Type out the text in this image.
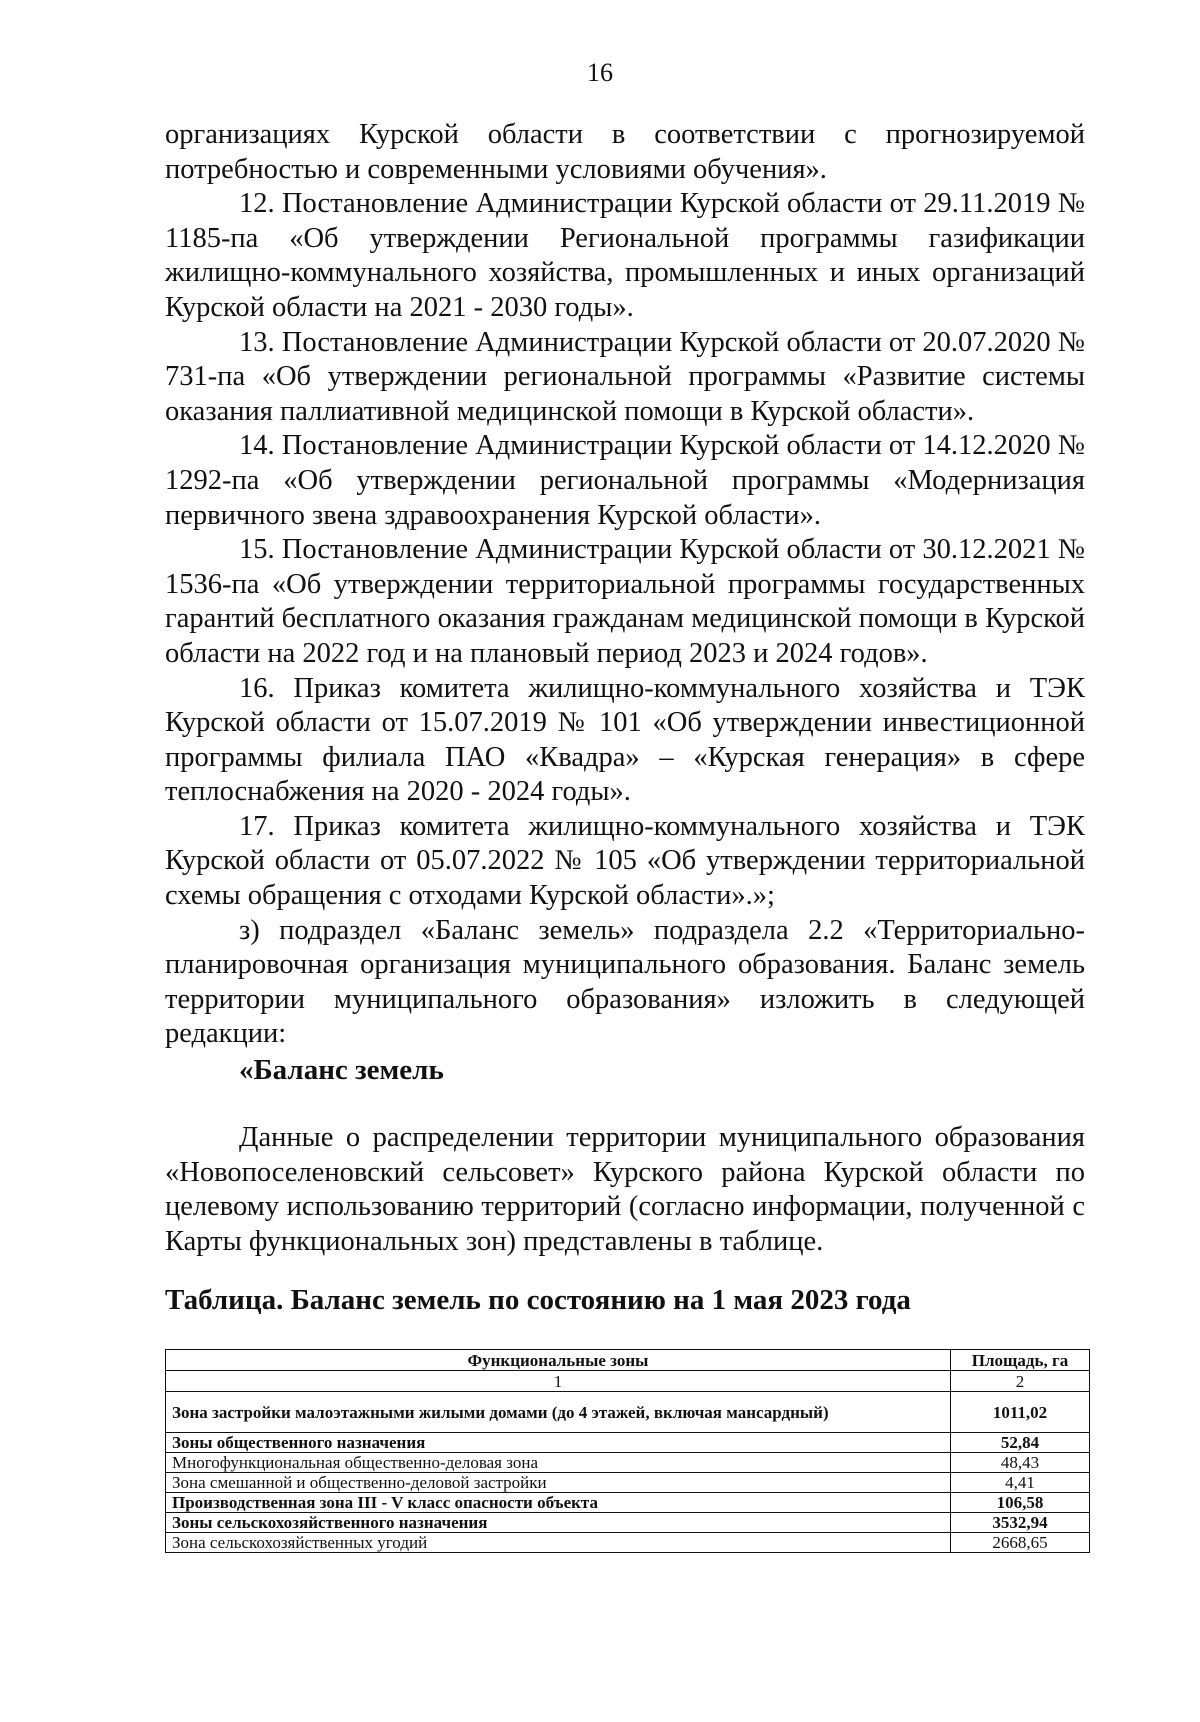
16

организациях Курской области в соответствии с прогнозируемой потребностью и современными условиями обучения».

12. Постановление Администрации Курской области от 29.11.2019 № 1185-па «Об утверждении Региональной программы газификации жилищно-коммунального хозяйства, промышленных и иных организаций Курской области на 2021 - 2030 годы».

13. Постановление Администрации Курской области от 20.07.2020 № 731-па «Об утверждении региональной программы «Развитие системы оказания паллиативной медицинской помощи в Курской области».

14. Постановление Администрации Курской области от 14.12.2020 № 1292-па «Об утверждении региональной программы «Модернизация первичного звена здравоохранения Курской области».

15. Постановление Администрации Курской области от 30.12.2021 № 1536-па «Об утверждении территориальной программы государственных гарантий бесплатного оказания гражданам медицинской помощи в Курской области на 2022 год и на плановый период 2023 и 2024 годов».

16. Приказ комитета жилищно-коммунального хозяйства и ТЭК Курской области от 15.07.2019 № 101 «Об утверждении инвестиционной программы филиала ПАО «Квадра» – «Курская генерация» в сфере теплоснабжения на 2020 - 2024 годы».

17. Приказ комитета жилищно-коммунального хозяйства и ТЭК Курской области от 05.07.2022 № 105 «Об утверждении территориальной схемы обращения с отходами Курской области».»;

з) подраздел «Баланс земель» подраздела 2.2 «Территориально-планировочная организация муниципального образования. Баланс земель территории муниципального образования» изложить в следующей редакции:

«Баланс земель

Данные о распределении территории муниципального образования «Новопоселеновский сельсовет» Курского района Курской области по целевому использованию территорий (согласно информации, полученной с Карты функциональных зон) представлены в таблице.

Таблица. Баланс земель по состоянию на 1 мая 2023 года
Функциональные зоны	Площадь, га
1	2
Зона застройки малоэтажными жилыми домами (до 4 этажей, включая мансардный)	1011,02
Зоны общественного назначения	52,84
Многофункциональная общественно-деловая зона	48,43
Зона смешанной и общественно-деловой застройки	4,41
Производственная зона III - V класс опасности объекта	106,58
Зоны сельскохозяйственного назначения	3532,94
Зона сельскохозяйственных угодий	2668,65
